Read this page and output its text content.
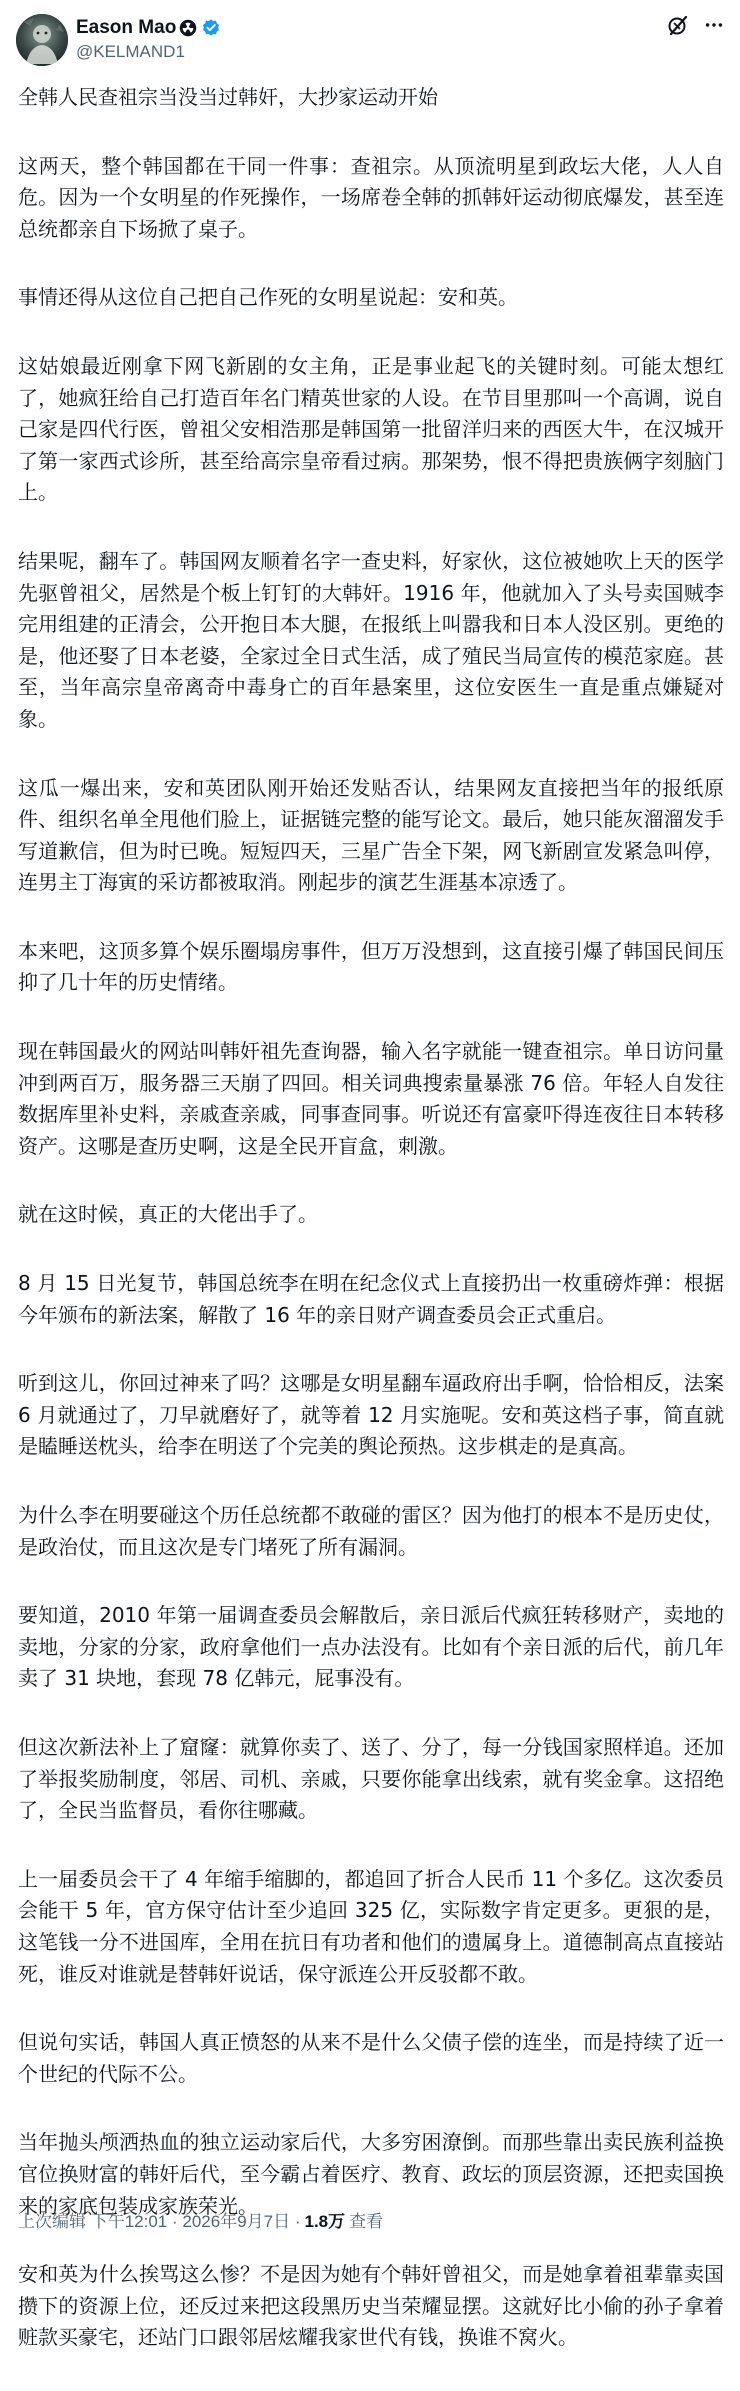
Eason Mao
@KELMAND1

全韩人民查祖宗当没当过韩奸，大抄家运动开始

这两天，整个韩国都在干同一件事：查祖宗。从顶流明星到政坛大佬，人人自危。因为一个女明星的作死操作，一场席卷全韩的抓韩奸运动彻底爆发，甚至连总统都亲自下场掀了桌子。

事情还得从这位自己把自己作死的女明星说起：安和英。

这姑娘最近刚拿下网飞新剧的女主角，正是事业起飞的关键时刻。可能太想红了，她疯狂给自己打造百年名门精英世家的人设。在节目里那叫一个高调，说自己家是四代行医，曾祖父安相浩那是韩国第一批留洋归来的西医大牛，在汉城开了第一家西式诊所，甚至给高宗皇帝看过病。那架势，恨不得把贵族俩字刻脑门上。

结果呢，翻车了。韩国网友顺着名字一查史料，好家伙，这位被她吹上天的医学先驱曾祖父，居然是个板上钉钉的大韩奸。1916 年，他就加入了头号卖国贼李完用组建的正清会，公开抱日本大腿，在报纸上叫嚣我和日本人没区别。更绝的是，他还娶了日本老婆，全家过全日式生活，成了殖民当局宣传的模范家庭。甚至，当年高宗皇帝离奇中毒身亡的百年悬案里，这位安医生一直是重点嫌疑对象。

这瓜一爆出来，安和英团队刚开始还发贴否认，结果网友直接把当年的报纸原件、组织名单全甩他们脸上，证据链完整的能写论文。最后，她只能灰溜溜发手写道歉信，但为时已晚。短短四天，三星广告全下架，网飞新剧宣发紧急叫停，连男主丁海寅的采访都被取消。刚起步的演艺生涯基本凉透了。

本来吧，这顶多算个娱乐圈塌房事件，但万万没想到，这直接引爆了韩国民间压抑了几十年的历史情绪。

现在韩国最火的网站叫韩奸祖先查询器，输入名字就能一键查祖宗。单日访问量冲到两百万，服务器三天崩了四回。相关词典搜索量暴涨 76 倍。年轻人自发往数据库里补史料，亲戚查亲戚，同事查同事。听说还有富豪吓得连夜往日本转移资产。这哪是查历史啊，这是全民开盲盒，刺激。

就在这时候，真正的大佬出手了。

8 月 15 日光复节，韩国总统李在明在纪念仪式上直接扔出一枚重磅炸弹：根据今年颁布的新法案，解散了 16 年的亲日财产调查委员会正式重启。

听到这儿，你回过神来了吗？这哪是女明星翻车逼政府出手啊，恰恰相反，法案 6 月就通过了，刀早就磨好了，就等着 12 月实施呢。安和英这档子事，简直就是瞌睡送枕头，给李在明送了个完美的舆论预热。这步棋走的是真高。

为什么李在明要碰这个历任总统都不敢碰的雷区？因为他打的根本不是历史仗，是政治仗，而且这次是专门堵死了所有漏洞。

要知道，2010 年第一届调查委员会解散后，亲日派后代疯狂转移财产，卖地的卖地，分家的分家，政府拿他们一点办法没有。比如有个亲日派的后代，前几年卖了 31 块地，套现 78 亿韩元，屁事没有。

但这次新法补上了窟窿：就算你卖了、送了、分了，每一分钱国家照样追。还加了举报奖励制度，邻居、司机、亲戚，只要你能拿出线索，就有奖金拿。这招绝了，全民当监督员，看你往哪藏。

上一届委员会干了 4 年缩手缩脚的，都追回了折合人民币 11 个多亿。这次委员会能干 5 年，官方保守估计至少追回 325 亿，实际数字肯定更多。更狠的是，这笔钱一分不进国库，全用在抗日有功者和他们的遗属身上。道德制高点直接站死，谁反对谁就是替韩奸说话，保守派连公开反驳都不敢。

但说句实话，韩国人真正愤怒的从来不是什么父债子偿的连坐，而是持续了近一个世纪的代际不公。

当年抛头颅洒热血的独立运动家后代，大多穷困潦倒。而那些靠出卖民族利益换官位换财富的韩奸后代，至今霸占着医疗、教育、政坛的顶层资源，还把卖国换来的家底包装成家族荣光。

安和英为什么挨骂这么惨？不是因为她有个韩奸曾祖父，而是她拿着祖辈靠卖国攒下的资源上位，还反过来把这段黑历史当荣耀显摆。这就好比小偷的孙子拿着赃款买豪宅，还站门口跟邻居炫耀我家世代有钱，换谁不窝火。

上次编辑 下午12:01 · 2026年9月7日 · 1.8万 查看
